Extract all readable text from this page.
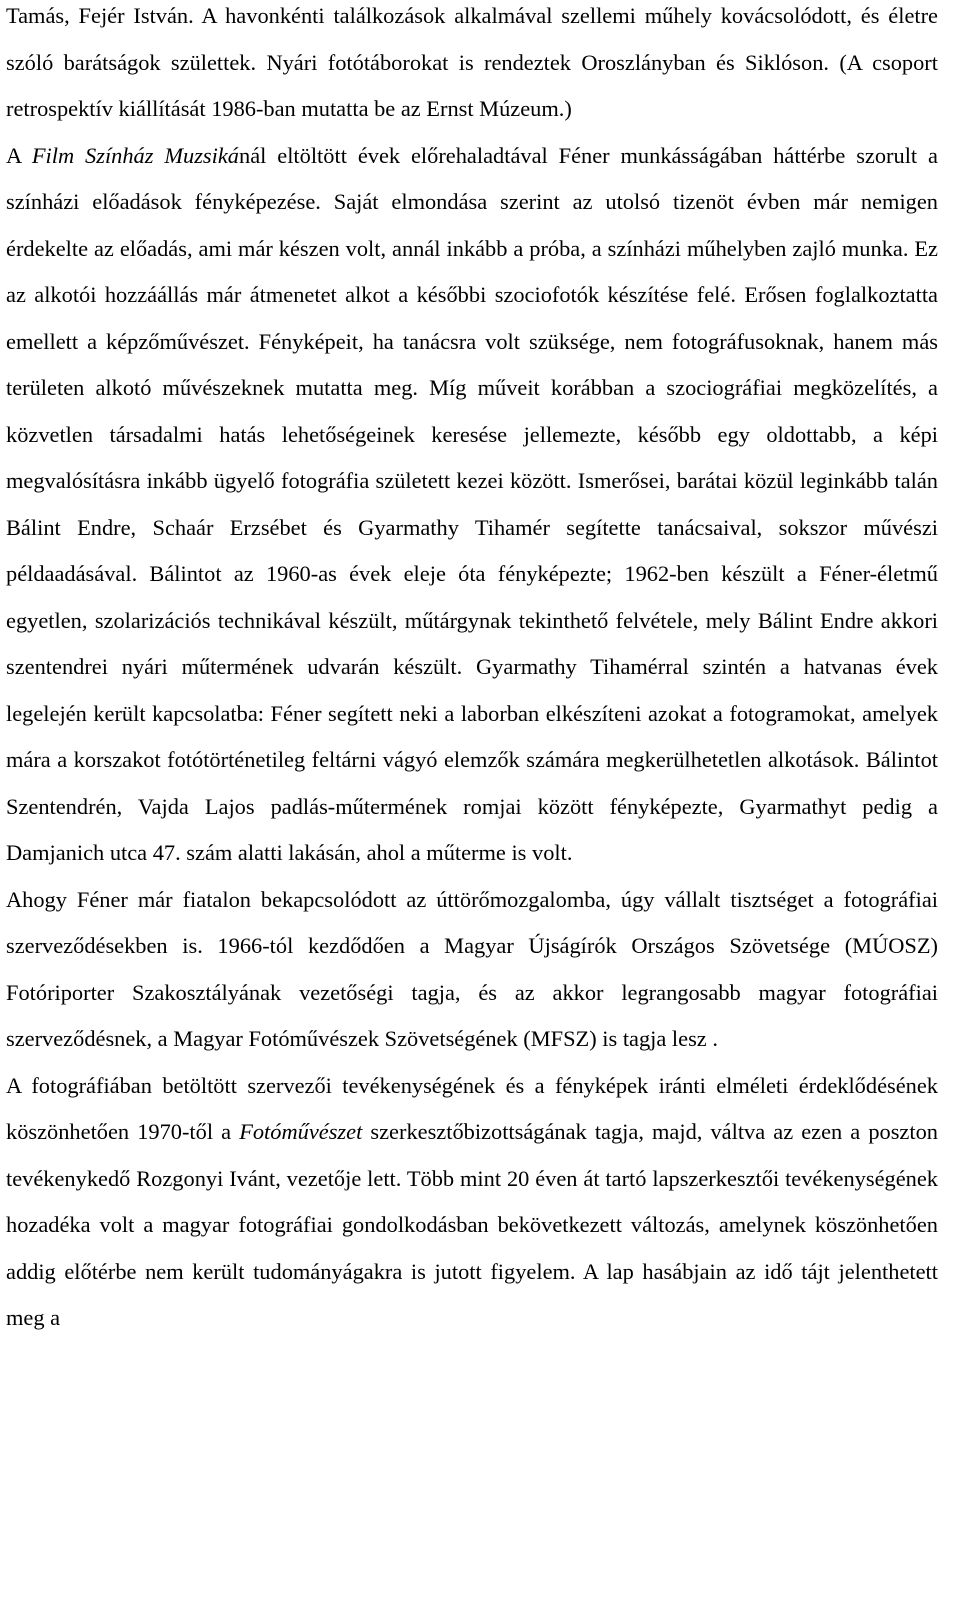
Tamás, Fejér István. A havonkénti találkozások alkalmával szellemi műhely kovácsolódott, és életre szóló barátságok születtek. Nyári fotótáborokat is rendeztek Oroszlányban és Siklóson. (A csoport retrospektív kiállítását 1986-ban mutatta be az Ernst Múzeum.)

A Film Színház Muzsikánál eltöltött évek előrehaladtával Féner munkásságában háttérbe szorult a színházi előadások fényképezése. Saját elmondása szerint az utolsó tizenöt évben már nemigen érdekelte az előadás, ami már készen volt, annál inkább a próba, a színházi műhelyben zajló munka. Ez az alkotói hozzáállás már átmenetet alkot a későbbi szociofotók készítése felé. Erősen foglalkoztatta emellett a képzőművészet. Fényképeit, ha tanácsra volt szüksége, nem fotográfusoknak, hanem más területen alkotó művészeknek mutatta meg. Míg műveit korábban a szociográfiai megközelítés, a közvetlen társadalmi hatás lehetőségeinek keresése jellemezte, később egy oldottabb, a képi megvalósításra inkább ügyelő fotográfia született kezei között. Ismerősei, barátai közül leginkább talán Bálint Endre, Schaár Erzsébet és Gyarmathy Tihamér segítette tanácsaival, sokszor művészi példaadásával. Bálintot az 1960-as évek eleje óta fényképezte; 1962-ben készült a Féner-életmű egyetlen, szolarizációs technikával készült, műtárgynak tekinthető felvétele, mely Bálint Endre akkori szentendrei nyári műtermének udvarán készült. Gyarmathy Tihamérral szintén a hatvanas évek legelején került kapcsolatba: Féner segített neki a laborban elkészíteni azokat a fotogramokat, amelyek mára a korszakot fotótörténetileg feltárni vágyó elemzők számára megkerülhetetlen alkotások. Bálintot Szentendrén, Vajda Lajos padlás-műtermének romjai között fényképezte, Gyarmathyt pedig a Damjanich utca 47. szám alatti lakásán, ahol a műterme is volt.

Ahogy Féner már fiatalon bekapcsolódott az úttörőmozgalomba, úgy vállalt tisztséget a fotográfiai szerveződésekben is. 1966-tól kezdődően a Magyar Újságírók Országos Szövetsége (MÚOSZ) Fotóriporter Szakosztályának vezetőségi tagja, és az akkor legrangosabb magyar fotográfiai szerveződésnek, a Magyar Fotóművészek Szövetségének (MFSZ) is tagja lesz .

A fotográfiában betöltött szervezői tevékenységének és a fényképek iránti elméleti érdeklődésének köszönhetően 1970-től a Fotóművészet szerkesztőbizottságának tagja, majd, váltva az ezen a poszton tevékenykedő Rozgonyi Ivánt, vezetője lett. Több mint 20 éven át tartó lapszerkesztői tevékenységének hozadéka volt a magyar fotográfiai gondolkodásban bekövetkezett változás, amelynek köszönhetően addig előtérbe nem került tudományágakra is jutott figyelem. A lap hasábjain az idő tájt jelenthetett meg a
